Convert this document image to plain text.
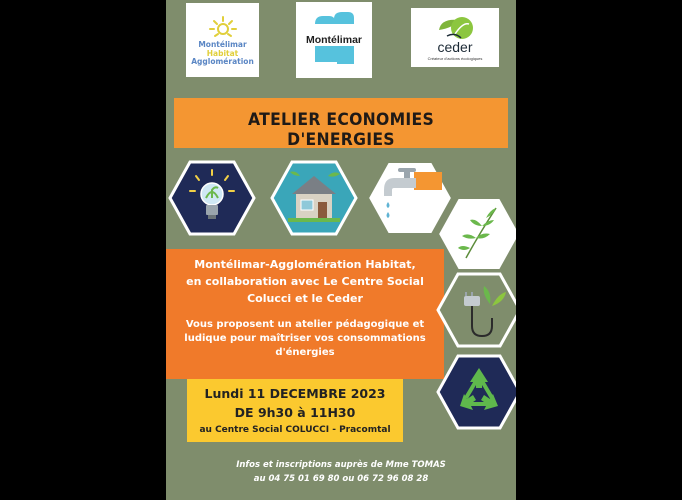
Montélimar
Habitat
Agglomération
Montélimar	ceder
Créateur d'actions écologiques
ATELIER ECONOMIES D'ENERGIES
Montélimar-Agglomération Habitat,
en collaboration avec Le Centre Social
Colucci et le Ceder
Vous proposent un atelier pédagogique et
ludique pour maîtriser vos consommations
d'énergies
Lundi 11 DECEMBRE 2023
DE 9h30 à 11H30
au Centre Social COLUCCI - Pracomtal
Infos et inscriptions auprès de Mme TOMAS
au 04 75 01 69 80 ou 06 72 96 08 28
